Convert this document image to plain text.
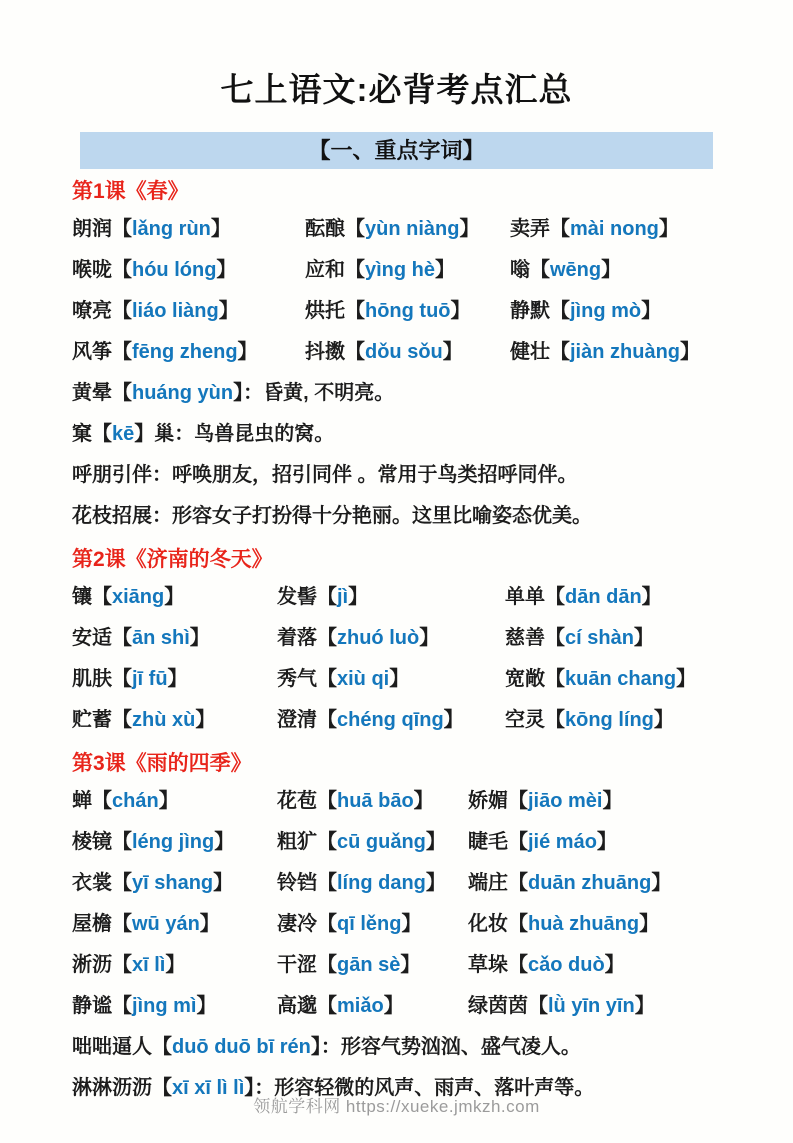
七上语文:必背考点汇总
【一、重点字词】
第1课《春》
朗润【lǎng rùn】	酝酿【yùn niàng】	卖弄【mài nong】
喉咙【hóu lóng】	应和【yìng hè】	嗡【wēng】
嘹亮【liáo liàng】	烘托【hōng tuō】	静默【jìng mò】
风筝【fēng zheng】	抖擞【dǒu sǒu】	健壮【jiàn zhuàng】
黄晕【huáng yùn】：昏黄, 不明亮。
窠【kē】巢：鸟兽昆虫的窝。
呼朋引伴：呼唤朋友，招引同伴 。常用于鸟类招呼同伴。
花枝招展：形容女子打扮得十分艳丽。这里比喻姿态优美。
第2课《济南的冬天》
镶【xiāng】	发髻【jì】	单单【dān dān】
安适【ān shì】	着落【zhuó luò】	慈善【cí shàn】
肌肤【jī fū】	秀气【xiù qi】	宽敞【kuān chang】
贮蓄【zhù xù】	澄清【chéng qīng】	空灵【kōng líng】
第3课《雨的四季》
蝉【chán】	花苞【huā bāo】	娇媚【jiāo mèi】
棱镜【léng jìng】	粗犷【cū guǎng】	睫毛【jié máo】
衣裳【yī shang】	铃铛【líng dang】	端庄【duān zhuāng】
屋檐【wū yán】	凄冷【qī lěng】	化妆【huà zhuāng】
淅沥【xī lì】	干涩【gān sè】	草垛【cǎo duò】
静谧【jìng mì】	高邈【miǎo】	绿茵茵【lǜ yīn yīn】
咄咄逼人【duō duō bī rén】：形容气势汹汹、盛气凌人。
淋淋沥沥【xī xī lì lì】：形容轻微的风声、雨声、落叶声等。
领航学科网 https://xueke.jmkzh.com
